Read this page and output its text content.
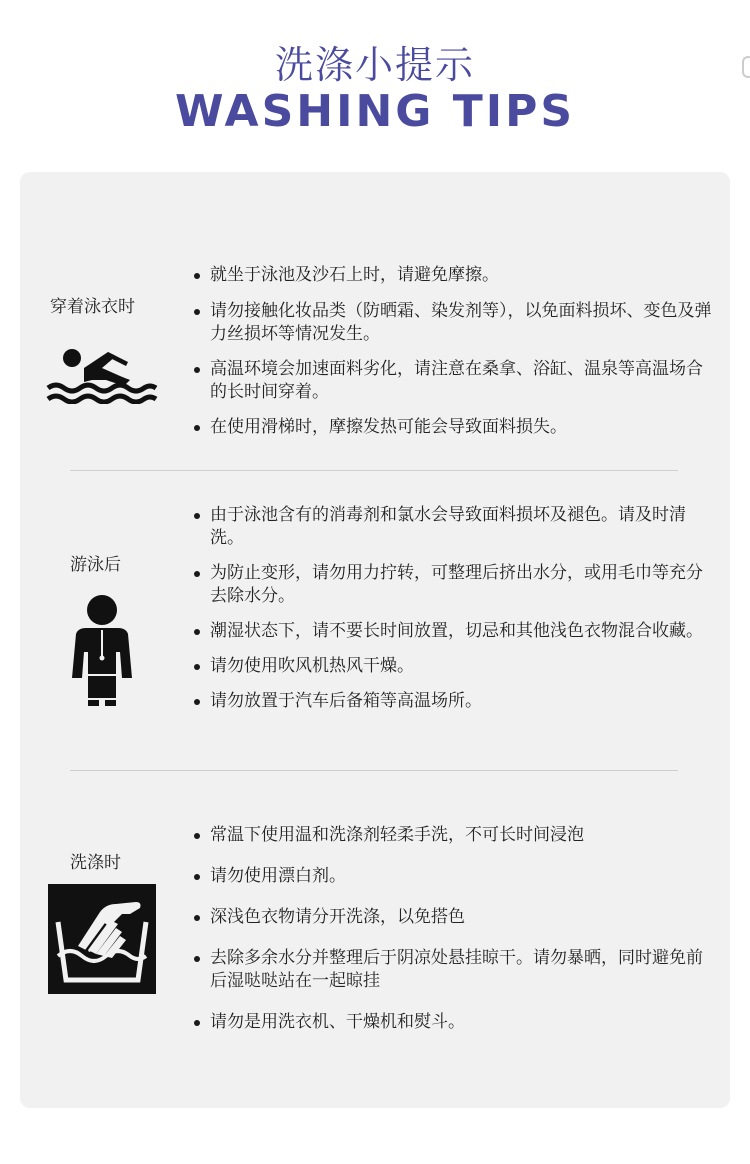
洗涤小提示
WASHING TIPS
穿着泳衣时
就坐于泳池及沙石上时，请避免摩擦。
请勿接触化妆品类（防晒霜、染发剂等），以免面料损坏、变色及弹力丝损坏等情况发生。
高温环境会加速面料劣化，请注意在桑拿、浴缸、温泉等高温场合的长时间穿着。
在使用滑梯时，摩擦发热可能会导致面料损失。
游泳后
由于泳池含有的消毒剂和氯水会导致面料损坏及褪色。请及时清洗。
为防止变形，请勿用力拧转，可整理后挤出水分，或用毛巾等充分去除水分。
潮湿状态下，请不要长时间放置，切忌和其他浅色衣物混合收藏。
请勿使用吹风机热风干燥。
请勿放置于汽车后备箱等高温场所。
洗涤时
常温下使用温和洗涤剂轻柔手洗，不可长时间浸泡
请勿使用漂白剂。
深浅色衣物请分开洗涤，以免搭色
去除多余水分并整理后于阴凉处悬挂晾干。请勿暴晒，同时避免前后湿哒哒站在一起晾挂
请勿是用洗衣机、干燥机和熨斗。
